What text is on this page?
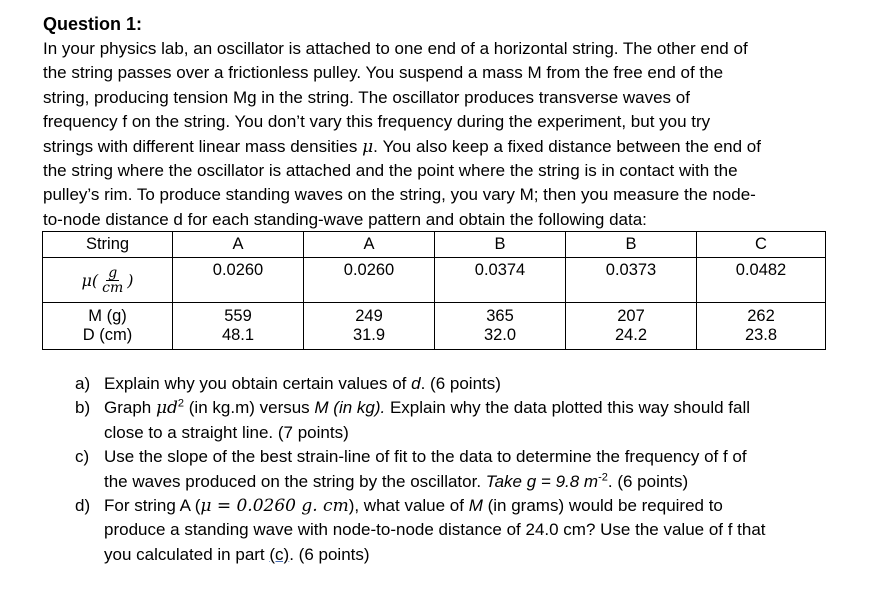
Question 1:
In your physics lab, an oscillator is attached to one end of a horizontal string. The other end of
the string passes over a frictionless pulley. You suspend a mass M from the free end of the
string, producing tension Mg in the string. The oscillator produces transverse waves of
frequency f on the string. You don’t vary this frequency during the experiment, but you try
strings with different linear mass densities μ. You also keep a fixed distance between the end of
the string where the oscillator is attached and the point where the string is in contact with the
pulley’s rim. To produce standing waves on the string, you vary M; then you measure the node-
to-node distance d for each standing-wave pattern and obtain the following data:
String	A	A	B	B	C

$\mu( \frac{g}{cm}$ )	0.0260	0.0260	0.0374	0.0373	0.0482
M (g)	559	249	365	207	262
D (cm)	48.1	31.9	32.0	24.2	23.8
a) Explain why you obtain certain values of d. (6 points)
b) Graph $\mu d^2$ (in kg.m) versus M (in kg). Explain why the data plotted this way should fall
close to a straight line. (7 points)
c) Use the slope of the best strain-line of fit to the data to determine the frequency of f of
the waves produced on the string by the oscillator. Take g = 9.8 $m^{-2}$. (6 points)
d) For string A (μ = 0.0260 g. cm), what value of M (in grams) would be required to
produce a standing wave with node-to-node distance of 24.0 cm? Use the value of f that
you calculated in part (c). (6 points)
